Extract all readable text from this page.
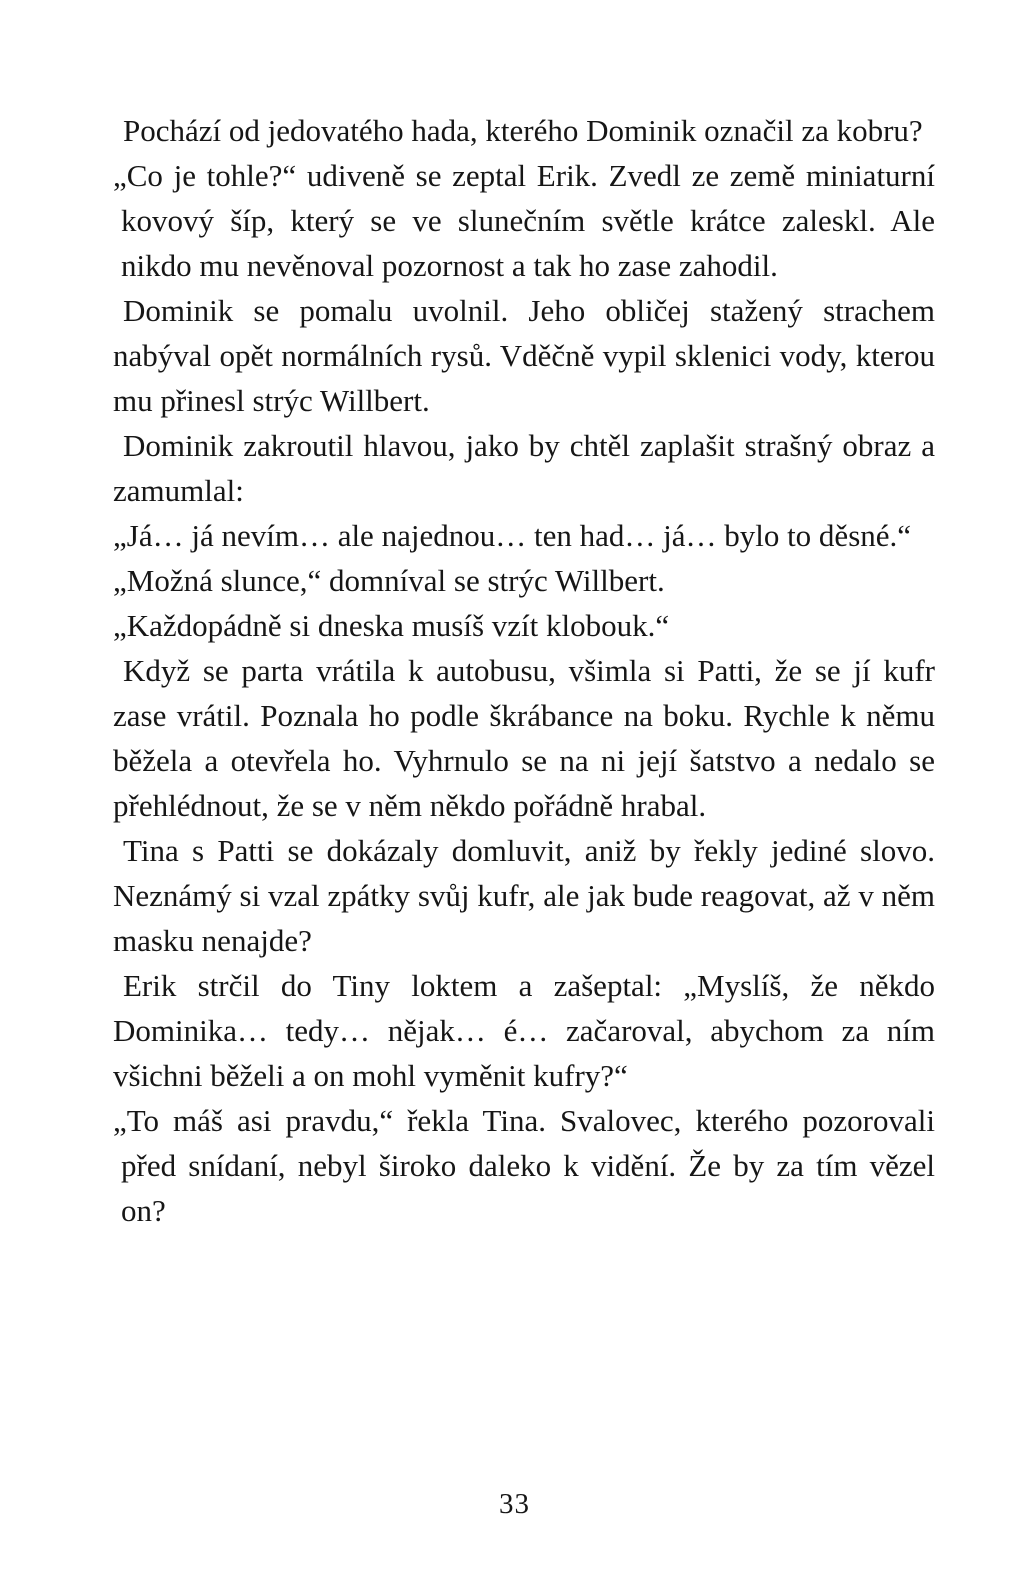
Pochází od jedovatého hada, kterého Dominik označil za kobru?

„Co je tohle?“ udiveně se zeptal Erik. Zvedl ze země miniaturní kovový šíp, který se ve slunečním světle krátce zaleskl. Ale nikdo mu nevěnoval pozornost a tak ho zase zahodil.

Dominik se pomalu uvolnil. Jeho obličej stažený strachem nabýval opět normálních rysů. Vděčně vypil sklenici vody, kterou mu přinesl strýc Willbert.

Dominik zakroutil hlavou, jako by chtěl zaplašit strašný obraz a zamumlal:

„Já… já nevím… ale najednou… ten had… já… bylo to děsné.“

„Možná slunce,“ domníval se strýc Willbert.

„Každopádně si dneska musíš vzít klobouk.“

Když se parta vrátila k autobusu, všimla si Patti, že se jí kufr zase vrátil. Poznala ho podle škrábance na boku. Rychle k němu běžela a otevřela ho. Vyhrnulo se na ni její šatstvo a nedalo se přehlédnout, že se v něm někdo pořádně hrabal.

Tina s Patti se dokázaly domluvit, aniž by řekly jediné slovo. Neznámý si vzal zpátky svůj kufr, ale jak bude reagovat, až v něm masku nenajde?

Erik strčil do Tiny loktem a zašeptal: „Myslíš, že někdo Dominika… tedy… nějak… é… začaroval, abychom za ním všichni běželi a on mohl vyměnit kufry?“

„To máš asi pravdu,“ řekla Tina. Svalovec, kterého pozorovali před snídaní, nebyl široko daleko k vidění. Že by za tím vězel on?

33
